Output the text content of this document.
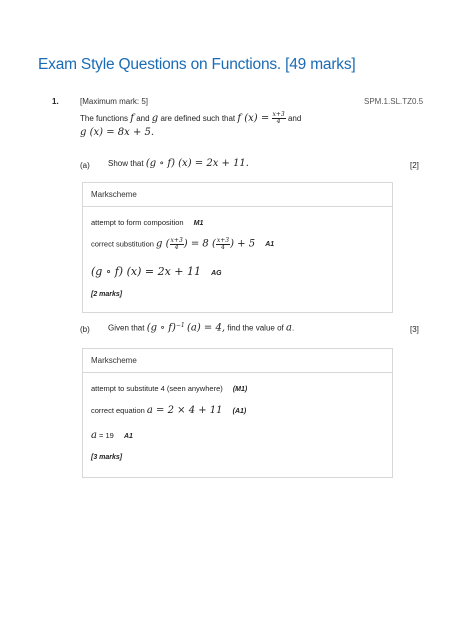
Exam Style Questions on Functions. [49 marks]
1.	[Maximum mark: 5]	SPM.1.SL.TZ0.5
The functions f and g are defined such that f $(x) = \frac{x+3}{4}$ and
g (x) = 8x + 5.
(a) Show that (g ∘ f) (x) = 2x + 11.	[2]
Markscheme
attempt to form composition M1
correct substitution g ( $\frac{x+3}{4}$ ) = 8 ( $\frac{x+3}{4}$ ) + 5 A1
(g ∘ f) (x) = 2x + 11 AG
[2 marks]
(b) Given that (g ∘ f)$^{-1}$ (a) = 4, find the value of a.	[3]
Markscheme
attempt to substitute 4 (seen anywhere) (M1)
correct equation a = 2 × 4 + 11 (A1)
a = 19 A1
[3 marks]
